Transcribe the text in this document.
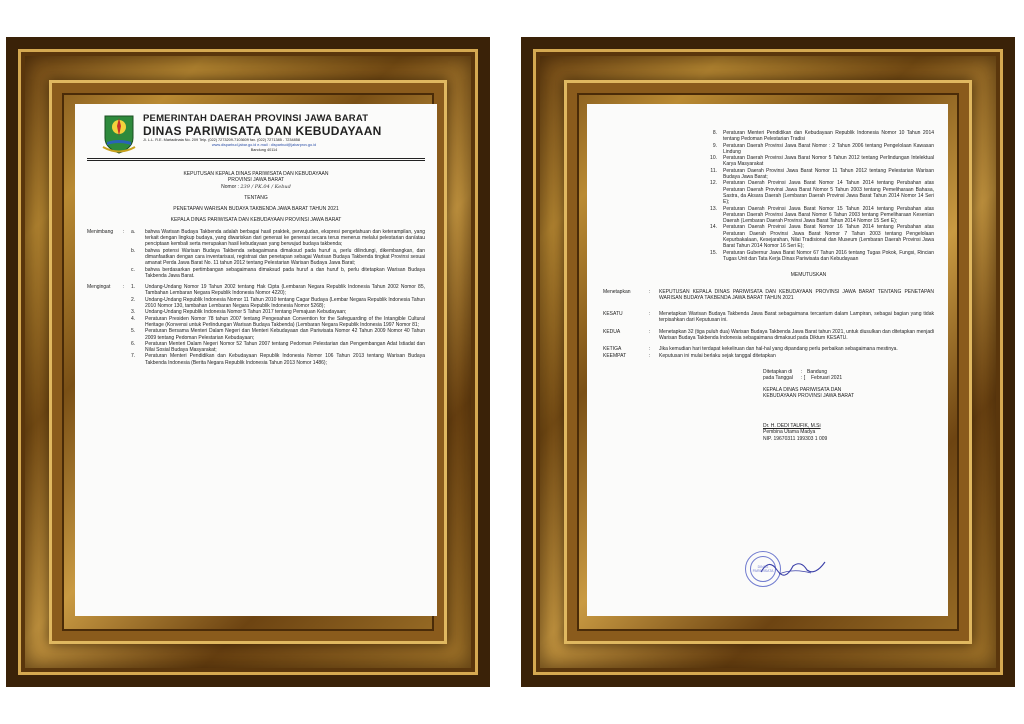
PEMERINTAH DAERAH PROVINSI JAWA BARAT
DINAS PARIWISATA DAN KEBUDAYAAN
Jl. L.L. R.E. Martadinata No. 209 Telp. (022) 7273209-7103609 fax. (022) 7271385 - 7234858
www.disparbud.jabar.go.id e-mail : disparbud@jabarprov.go.id
Bandung 40114
KEPUTUSAN KEPALA DINAS PARIWISATA DAN KEBUDAYAAN
PROVINSI JAWA BARAT
Nomor : 239 / PK.04 / Kebud
TENTANG
PENETAPAN WARISAN BUDAYA TAKBENDA JAWA BARAT TAHUN 2021
KEPALA DINAS PARIWISATA DAN KEBUDAYAAN PROVINSI JAWA BARAT
Menimbang	:	a.	bahwa Warisan Budaya Takbenda adalah berbagai hasil praktek, perwujudan, ekspresi pengetahuan dan keterampilan, yang terkait dengan lingkup budaya, yang diwariskan dari generasi ke generasi secara terus menerus melalui pelestarian dan/atau penciptaan kembali serta merupakan hasil kebudayaan yang berwujud budaya takbenda;
b.	bahwa potensi Warisan Budaya Takbenda sebagaimana dimaksud pada huruf a, perlu dilindungi, dikembangkan, dan dimanfaatkan dengan cara inventarisasi, registrasi dan penetapan sebagai Warisan Budaya Takbenda tingkat Provinsi sesuai amanat Perda Jawa Barat No. 11 tahun 2012 tentang Pelestarian Warisan Budaya Jawa Barat;
c.	bahwa berdasarkan pertimbangan sebagaimana dimaksud pada huruf a dan huruf b, perlu ditetapkan Warisan Budaya Takbenda Jawa Barat.
Mengingat	:	1.	Undang-Undang Nomor 19 Tahun 2002 tentang Hak Cipta (Lembaran Negara Republik Indonesia Tahun 2002 Nomor 85, Tambahan Lembaran Negara Republik Indonesia Nomor 4220);
2.	Undang-Undang Republik Indonesia Nomor 11 Tahun 2010 tentang Cagar Budaya (Lembar Negara Republik Indonesia Tahun 2010 Nomor 130, tambahan Lembaran Negara Republik Indonesia Nomor 5268);
3.	Undang-Undang Republik Indonesia Nomor 5 Tahun 2017 tentang Pemajuan Kebudayaan;
4.	Peraturan Presiden Nomor 78 tahun 2007 tentang Pengesahan Convention for the Safeguarding of the Intangible Cultural Heritage (Konvensi untuk Perlindungan Warisan Budaya Takbenda) (Lembaran Negara Republik Indonesia 1997 Nomor 81;
5.	Peraturan Bersama Menteri Dalam Negeri dan Menteri Kebudayaan dan Pariwisata Nomor 42 Tahun 2009 Nomor 40 Tahun 2009 tentang Pedoman Pelestarian Kebudayaan;
6.	Peraturan Menteri Dalam Negeri Nomor 52 Tahun 2007 tentang Pedoman Pelestarian dan Pengembangan Adat Istiadat dan Nilai Sosial Budaya Masyarakat;
7.	Peraturan Menteri Pendidikan dan Kebudayaan Republik Indonesia Nomor 106 Tahun 2013 tentang Warisan Budaya Takbenda Indonesia (Berita Negara Republik Indonesia Tahun 2013 Nomor 1486);
8.	Peraturan Menteri Pendidikan dan Kebudayaan Republik Indonesia Nomor 10 Tahun 2014 tentang Pedoman Pelestarian Tradisi
9.	Peraturan Daerah Provinsi Jawa Barat Nomor : 2 Tahun 2006 tentang Pengelolaan Kawasan Lindung
10.	Peraturan Daerah Provinsi Jawa Barat Nomor 5 Tahun 2012 tentang Perlindungan Intelektual Karya Masyarakat
11.	Peraturan Daerah Provinsi Jawa Barat Nomor 11 Tahun 2012 tentang Pelestarian Warisan Budaya Jawa Barat;
12.	Peraturan Daerah Provinsi Jawa Barat Nomor 14 Tahun 2014 tentang Perubahan atas Peraturan Daerah Provinsi Jawa Barat Nomor 5 Tahun 2003 tentang Pemeliharaan Bahasa, Sastra, da Aksara Daerah (Lembaran Daerah Provinsi Jawa Barat Tahun 2014 Nomor 14 Seri E);
13.	Peraturan Daerah Provinsi Jawa Barat Nomor 15 Tahun 2014 tentang Perubahan atas Peraturan Daerah Provinsi Jawa Barat Nomor 6 Tahun 2003 tentang Pemeliharaan Kesenian Daerah (Lembaran Daerah Provinsi Jawa Barat Tahun 2014 Nomor 15 Seri E);
14.	Peraturan Daerah Provinsi Jawa Barat Nomor 16 Tahun 2014 tentang Perubahan atas Peraturan Daerah Provinsi Jawa Barat Nomor 7 Tahun 2003 tentang Pengelolaan Kepurbakalaan, Kesejarahan, Nilai Tradisional dan Museum (Lembaran Daerah Provinsi Jawa Barat Tahun 2014 Nomor 16 Seri E);
15.	Peraturan Gubernur Jawa Barat Nomor 67 Tahun 2016 tentang Tugas Pokok, Fungsi, Rincian Tugas Unit dan Tata Kerja Dinas Pariwisata dan Kebudayaan
MEMUTUSKAN
Menetapkan	:	KEPUTUSAN KEPALA DINAS PARIWISATA DAN KEBUDAYAAN PROVINSI JAWA BARAT TENTANG PENETAPAN WARISAN BUDAYA TAKBENDA JAWA BARAT TAHUN 2021
KESATU	:	Menetapkan Warisan Budaya Takbenda Jawa Barat sebagaimana tercantum dalam Lampiran, sebagai bagian yang tidak terpisahkan dari Keputusan ini.
KEDUA	:	Menetapkan 32 (tiga puluh dua) Warisan Budaya Takbenda Jawa Barat tahun 2021, untuk diusulkan dan ditetapkan menjadi Warisan Budaya Takbenda Indonesia sebagaimana dimaksud pada Diktum KESATU.
KETIGA	:	Jika kemudian hari terdapat kekeliruan dan hal-hal yang dipandang perlu perbaikan sebagaimana mestinya.
KEEMPAT	:	Keputusan ini mulai berlaku sejak tanggal ditetapkan
Ditetapkan di	: Bandung
pada Tanggal	: [	Februari 2021
KEPALA DINAS PARIWISATA DAN
KEBUDAYAAN PROVINSI JAWA BARAT
Dr. H. DEDI TAUFIK, M.Si
Pembina Utama Madya
NIP. 19670311 199303 1 009
DINAS PARIWISATA
